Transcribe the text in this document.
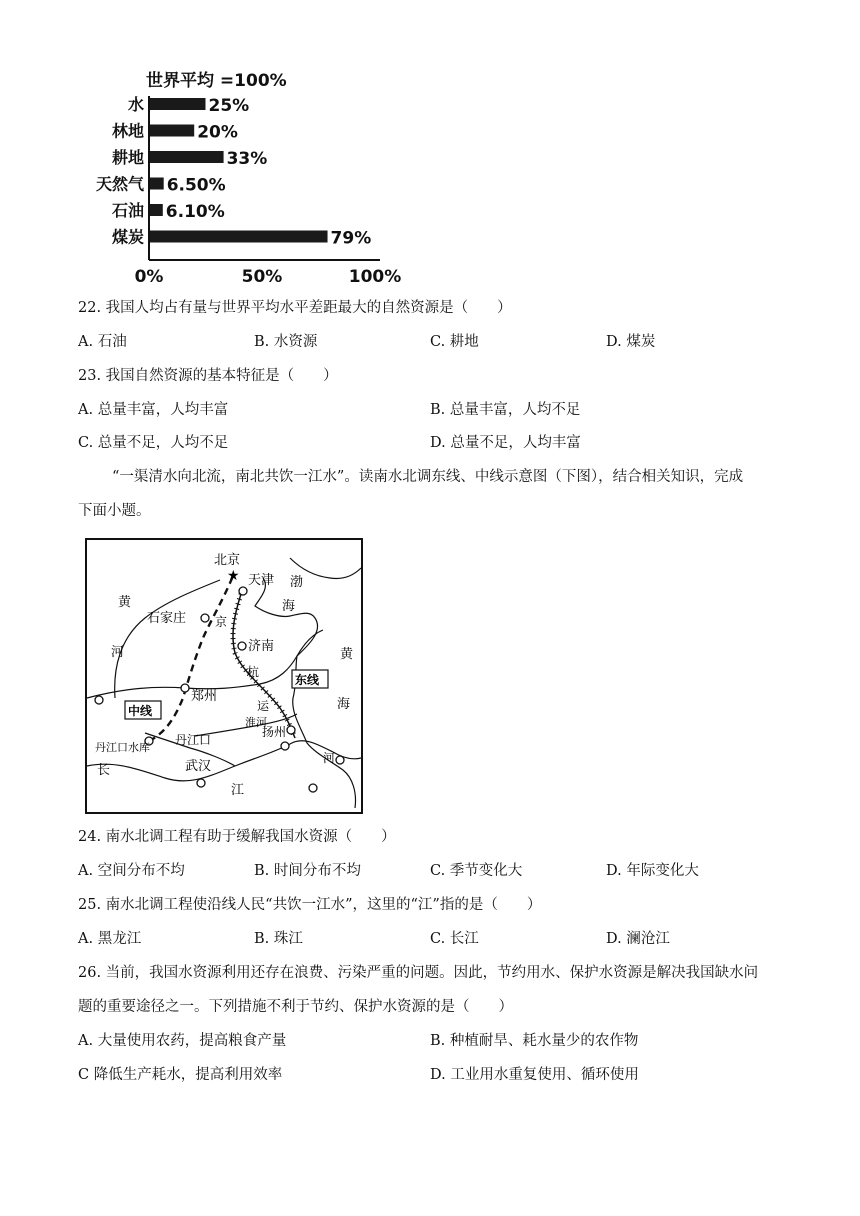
世界平均 =100%
水	25%
林地	20%
耕地	33%
天然气 6.50%
石油 6.10%
煤炭	79%
0%	50%	100%
22. 我国人均占有量与世界平均水平差距最大的自然资源是（　　）
A. 石油	B. 水资源	C. 耕地	D. 煤炭
23. 我国自然资源的基本特征是（　　）
A. 总量丰富，人均丰富	B. 总量丰富，人均不足
C. 总量不足，人均不足	D. 总量不足，人均丰富
“一渠清水向北流，南北共饮一江水”。读南水北调东线、中线示意图（下图），结合相关知识，完成
下面小题。
★
北京
天津 渤
海
石家庄
黄
河
京
济南
杭
运
黄
海
郑州
东线
中线
丹江口水库
丹江口
淮河
扬州
长	武汉
江
河
24. 南水北调工程有助于缓解我国水资源（　　）
A. 空间分布不均	B. 时间分布不均	C. 季节变化大	D. 年际变化大
25. 南水北调工程使沿线人民“共饮一江水”，这里的“江”指的是（　　）
A. 黑龙江	B. 珠江	C. 长江	D. 澜沧江
26. 当前，我国水资源利用还存在浪费、污染严重的问题。因此，节约用水、保护水资源是解决我国缺水问
题的重要途径之一。下列措施不利于节约、保护水资源的是（　　）
A. 大量使用农药，提高粮食产量	B. 种植耐旱、耗水量少的农作物
C 降低生产耗水，提高利用效率	D. 工业用水重复使用、循环使用
